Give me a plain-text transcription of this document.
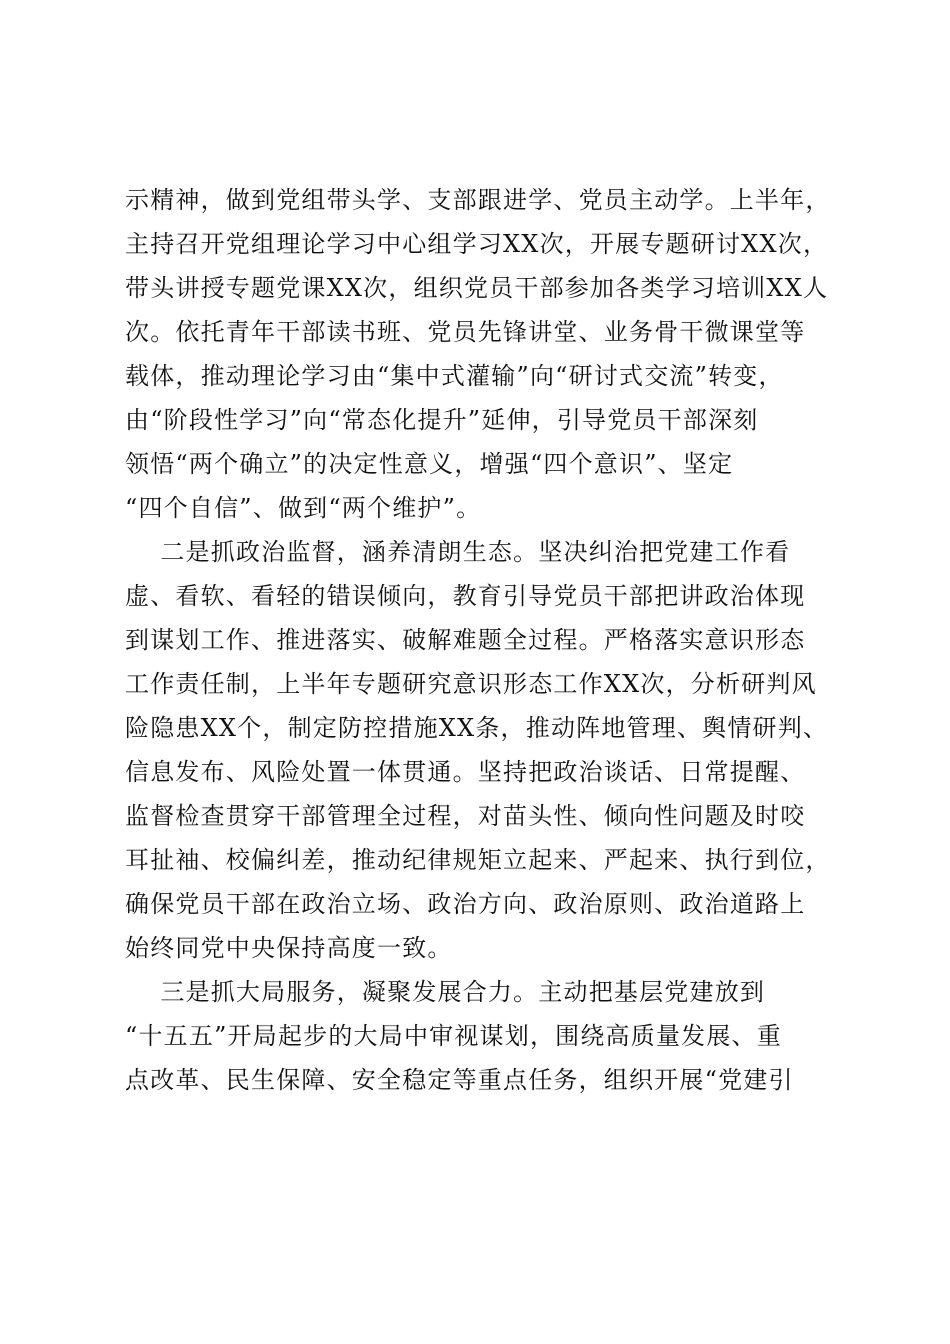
示精神，做到党组带头学、支部跟进学、党员主动学。上半年，
主持召开党组理论学习中心组学习XX次，开展专题研讨XX次，
带头讲授专题党课XX次，组织党员干部参加各类学习培训XX人
次。依托青年干部读书班、党员先锋讲堂、业务骨干微课堂等
载体，推动理论学习由“集中式灌输”向“研讨式交流”转变，
由“阶段性学习”向“常态化提升”延伸，引导党员干部深刻
领悟“两个确立”的决定性意义，增强“四个意识”、坚定
“四个自信”、做到“两个维护”。
二是抓政治监督，涵养清朗生态。坚决纠治把党建工作看
虚、看软、看轻的错误倾向，教育引导党员干部把讲政治体现
到谋划工作、推进落实、破解难题全过程。严格落实意识形态
工作责任制，上半年专题研究意识形态工作XX次，分析研判风
险隐患XX个，制定防控措施XX条，推动阵地管理、舆情研判、
信息发布、风险处置一体贯通。坚持把政治谈话、日常提醒、
监督检查贯穿干部管理全过程，对苗头性、倾向性问题及时咬
耳扯袖、校偏纠差，推动纪律规矩立起来、严起来、执行到位，
确保党员干部在政治立场、政治方向、政治原则、政治道路上
始终同党中央保持高度一致。
三是抓大局服务，凝聚发展合力。主动把基层党建放到
“十五五”开局起步的大局中审视谋划，围绕高质量发展、重
点改革、民生保障、安全稳定等重点任务，组织开展“党建引
